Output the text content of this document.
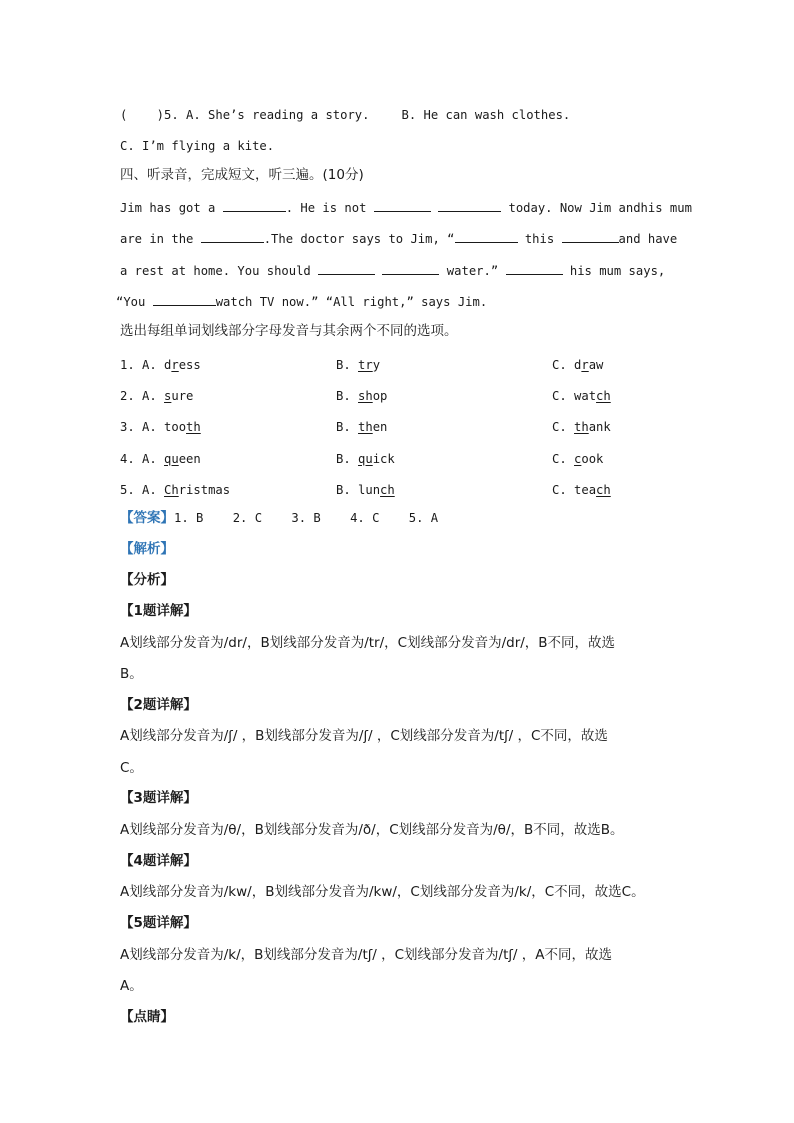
(    )5. A. She’s reading a story.	B. He can wash clothes.
C. I’m flying a kite.
四、听录音，完成短文，听三遍。(10分)
Jim has got a	. He is not	today. Now Jim andhis mum
are in the	.The doctor says to Jim, “	this	and have
a rest at home. You should	water.”	his mum says,
“You	watch TV now.” “All right,” says Jim.
选出每组单词划线部分字母发音与其余两个不同的选项。
1. A. dress	B. try	C. draw
2. A. sure	B. shop	C. watch
3. A. tooth	B. then	C. thank
4. A. queen	B. quick	C. cook
5. A. Christmas	B. lunch	C. teach
【答案】1. B    2. C    3. B    4. C    5. A
【解析】
【分析】
【1题详解】
A划线部分发音为/dr/，B划线部分发音为/tr/，C划线部分发音为/dr/，B不同，故选
B。
【2题详解】
A划线部分发音为/ʃ/ ，B划线部分发音为/ʃ/ ，C划线部分发音为/tʃ/ ，C不同，故选
C。
【3题详解】
A划线部分发音为/θ/，B划线部分发音为/ð/，C划线部分发音为/θ/，B不同，故选B。
【4题详解】
A划线部分发音为/kw/，B划线部分发音为/kw/，C划线部分发音为/k/，C不同，故选C。
【5题详解】
A划线部分发音为/k/，B划线部分发音为/tʃ/ ，C划线部分发音为/tʃ/ ，A不同，故选
A。
【点睛】
